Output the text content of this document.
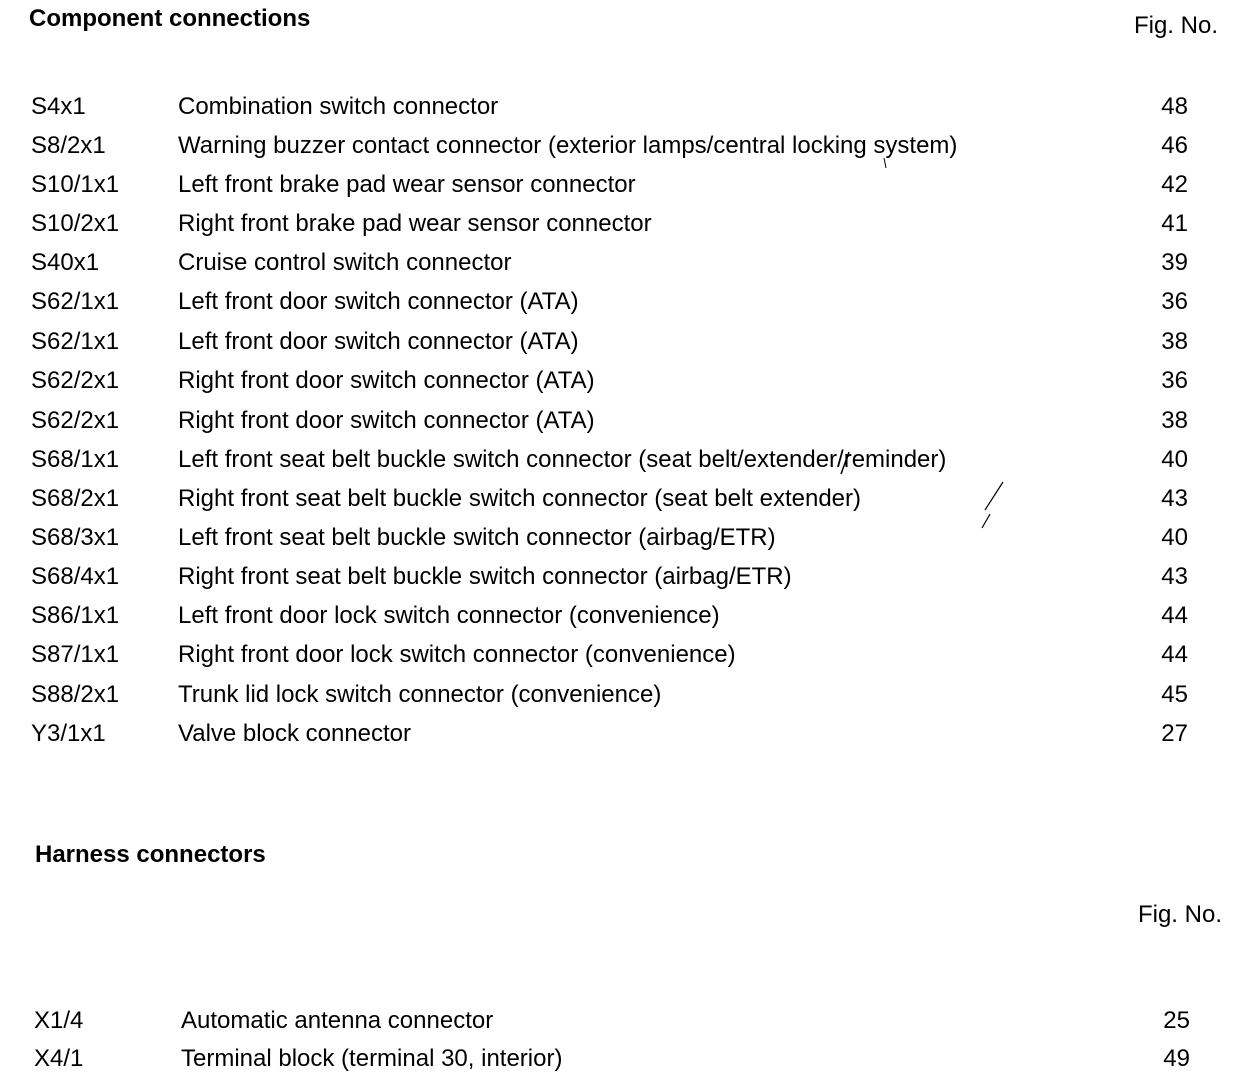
Component connections	Fig. No.
S4x1	Combination switch connector	48
S8/2x1	Warning buzzer contact connector (exterior lamps/central locking system)	46
S10/1x1 Left front brake pad wear sensor connector	42
S10/2x1 Right front brake pad wear sensor connector	41
S40x1	Cruise control switch connector	39
S62/1x1 Left front door switch connector (ATA)	36
S62/1x1 Left front door switch connector (ATA)	38
S62/2x1 Right front door switch connector (ATA)	36
S62/2x1 Right front door switch connector (ATA)	38
S68/1x1 Left front seat belt buckle switch connector (seat belt/extender/reminder)	40
S68/2x1 Right front seat belt buckle switch connector (seat belt extender)	43
S68/3x1 Left front seat belt buckle switch connector (airbag/ETR)	40
S68/4x1 Right front seat belt buckle switch connector (airbag/ETR)	43
S86/1x1 Left front door lock switch connector (convenience)	44
S87/1x1 Right front door lock switch connector (convenience)	44
S88/2x1 Trunk lid lock switch connector (convenience)	45
Y3/1x1	Valve block connector	27
Harness connectors
Fig. No.
X1/4	Automatic antenna connector	25
X4/1	Terminal block (terminal 30, interior)	49
